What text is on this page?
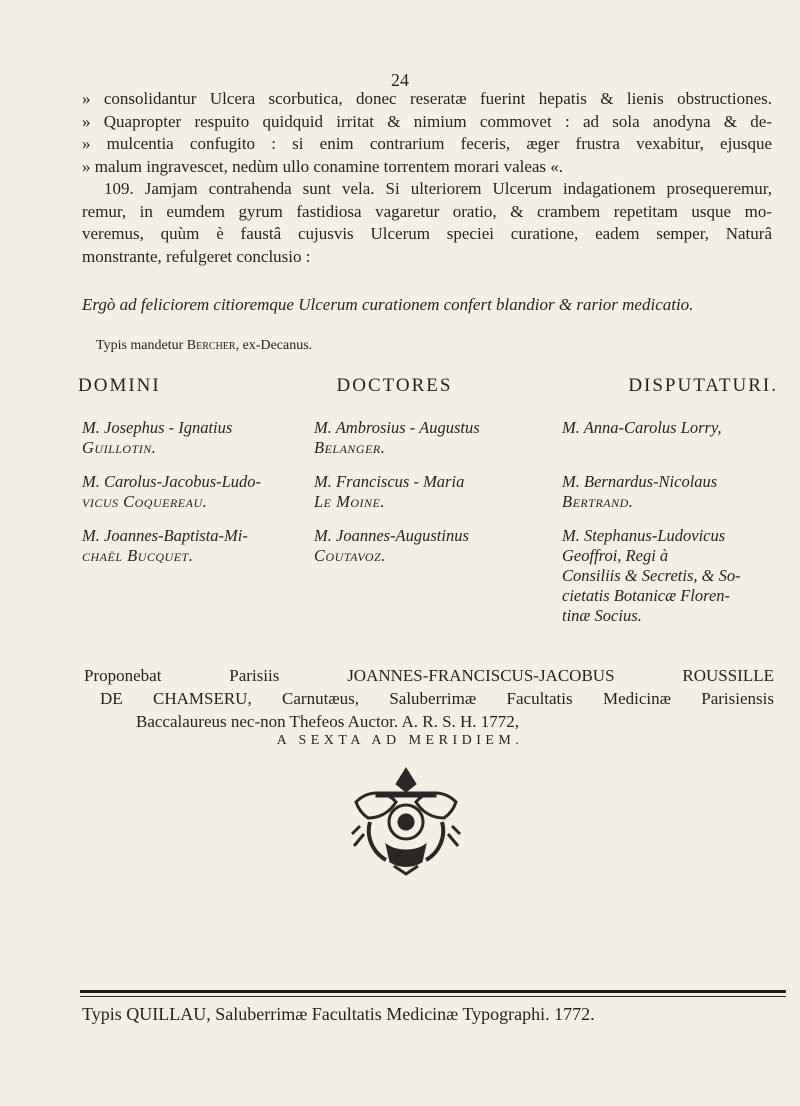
24
» consolidantur Ulcera scorbutica, donec reseratæ fuerint hepatis & lienis obstructiones.
» Quapropter respuito quidquid irritat & nimium commovet : ad sola anodyna & de-
» mulcentia confugito : si enim contrarium feceris, æger frustra vexabitur, ejusque
» malum ingravescet, nedùm ullo conamine torrentem morari valeas «.
109. Jamjam contrahenda sunt vela. Si ulteriorem Ulcerum indagationem prosequeremur,
remur, in eumdem gyrum fastidiosa vagaretur oratio, & crambem repetitam usque mo-
veremus, quùm è faustâ cujusvis Ulcerum speciei curatione, eadem semper, Naturâ
monstrante, refulgeret conclusio :
Ergò ad feliciorem citioremque Ulcerum curationem confert blandior & rarior medicatio.
Typis mandetur Bercher, ex-Decanus.
DOMINI DOCTORES DISPUTATURI.
M. Josephus - Ignatius
Guillotin.
M. Ambrosius - Augustus
Belanger.
M. Anna-Carolus Lorry,
M. Carolus-Jacobus-Ludo-
vicus Coquereau.
M. Franciscus - Maria
Le Moine.
M. Bernardus-Nicolaus
Bertrand.
M. Joannes-Baptista-Mi-
chaël Bucquet.
M. Joannes-Augustinus
Coutavoz.
M. Stephanus-Ludovicus
Geoffroi, Regi à
Consiliis & Secretis, & So-
cietatis Botanicæ Floren-
tinæ Socius.
Proponebat Parisiis JOANNES-FRANCISCUS-JACOBUS ROUSSILLE
DE CHAMSERU, Carnutæus, Saluberrimæ Facultatis Medicinæ Parisiensis
Baccalaureus nec-non Thefeos Auctor. A. R. S. H. 1772,
A SEXTA AD MERIDIEM.
Typis QUILLAU, Saluberrimæ Facultatis Medicinæ Typographi. 1772.
